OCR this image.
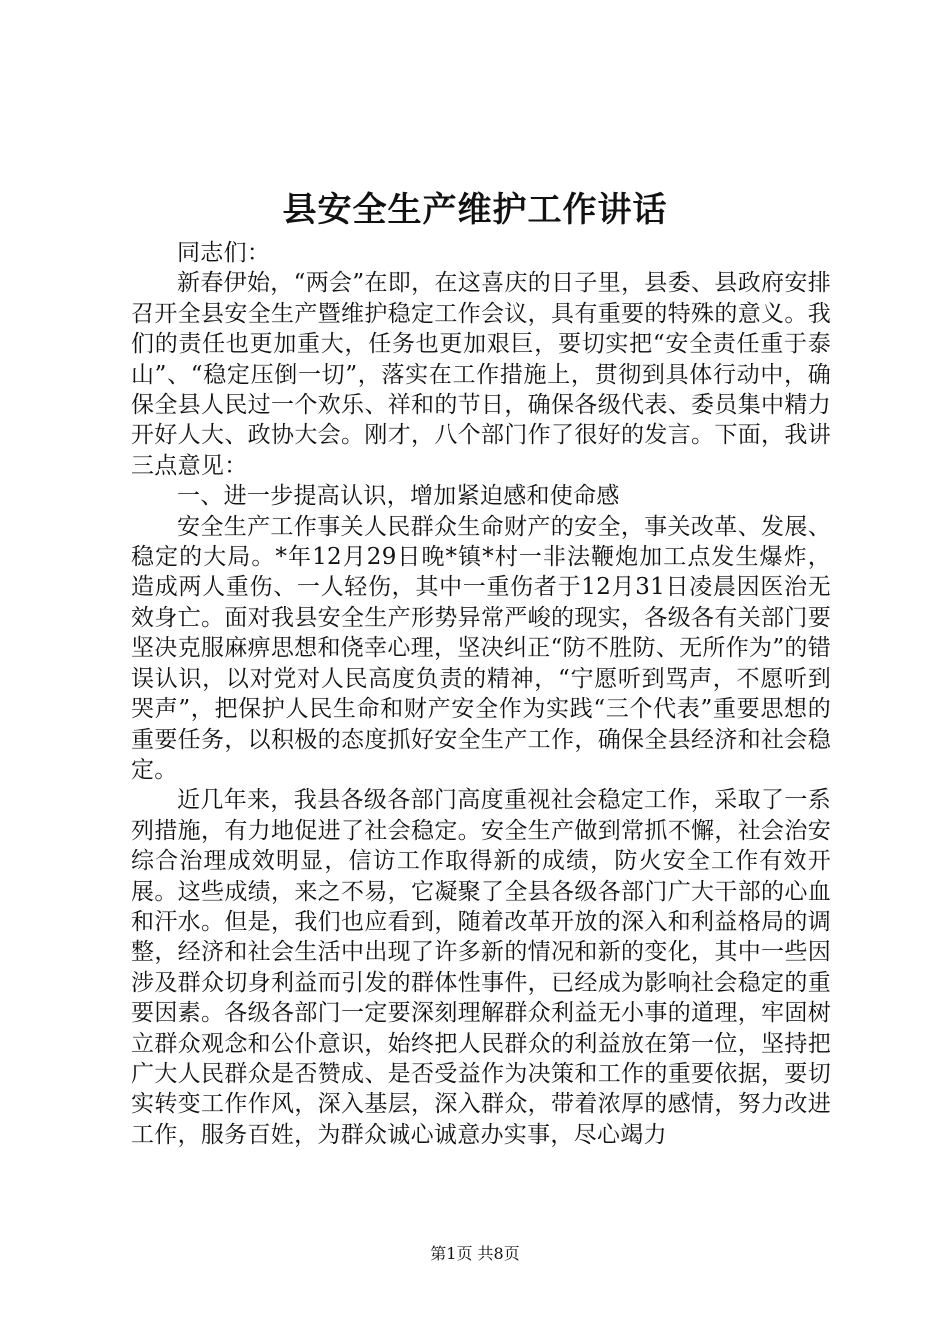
县安全生产维护工作讲话

同志们：

新春伊始，“两会”在即，在这喜庆的日子里，县委、县政府安排召开全县安全生产暨维护稳定工作会议，具有重要的特殊的意义。我们的责任也更加重大，任务也更加艰巨，要切实把“安全责任重于泰山”、“稳定压倒一切”，落实在工作措施上，贯彻到具体行动中，确保全县人民过一个欢乐、祥和的节日，确保各级代表、委员集中精力开好人大、政协大会。刚才，八个部门作了很好的发言。下面，我讲三点意见：

一、进一步提高认识，增加紧迫感和使命感

安全生产工作事关人民群众生命财产的安全，事关改革、发展、稳定的大局。*年12月29日晚*镇*村一非法鞭炮加工点发生爆炸，造成两人重伤、一人轻伤，其中一重伤者于12月31日凌晨因医治无效身亡。面对我县安全生产形势异常严峻的现实，各级各有关部门要坚决克服麻痹思想和侥幸心理，坚决纠正“防不胜防、无所作为”的错误认识，以对党对人民高度负责的精神，“宁愿听到骂声，不愿听到哭声”，把保护人民生命和财产安全作为实践“三个代表”重要思想的重要任务，以积极的态度抓好安全生产工作，确保全县经济和社会稳定。

近几年来，我县各级各部门高度重视社会稳定工作，采取了一系列措施，有力地促进了社会稳定。安全生产做到常抓不懈，社会治安综合治理成效明显，信访工作取得新的成绩，防火安全工作有效开展。这些成绩，来之不易，它凝聚了全县各级各部门广大干部的心血和汗水。但是，我们也应看到，随着改革开放的深入和利益格局的调整，经济和社会生活中出现了许多新的情况和新的变化，其中一些因涉及群众切身利益而引发的群体性事件，已经成为影响社会稳定的重要因素。各级各部门一定要深刻理解群众利益无小事的道理，牢固树立群众观念和公仆意识，始终把人民群众的利益放在第一位，坚持把广大人民群众是否赞成、是否受益作为决策和工作的重要依据，要切实转变工作作风，深入基层，深入群众，带着浓厚的感情，努力改进工作，服务百姓，为群众诚心诚意办实事，尽心竭力

第1页 共8页
